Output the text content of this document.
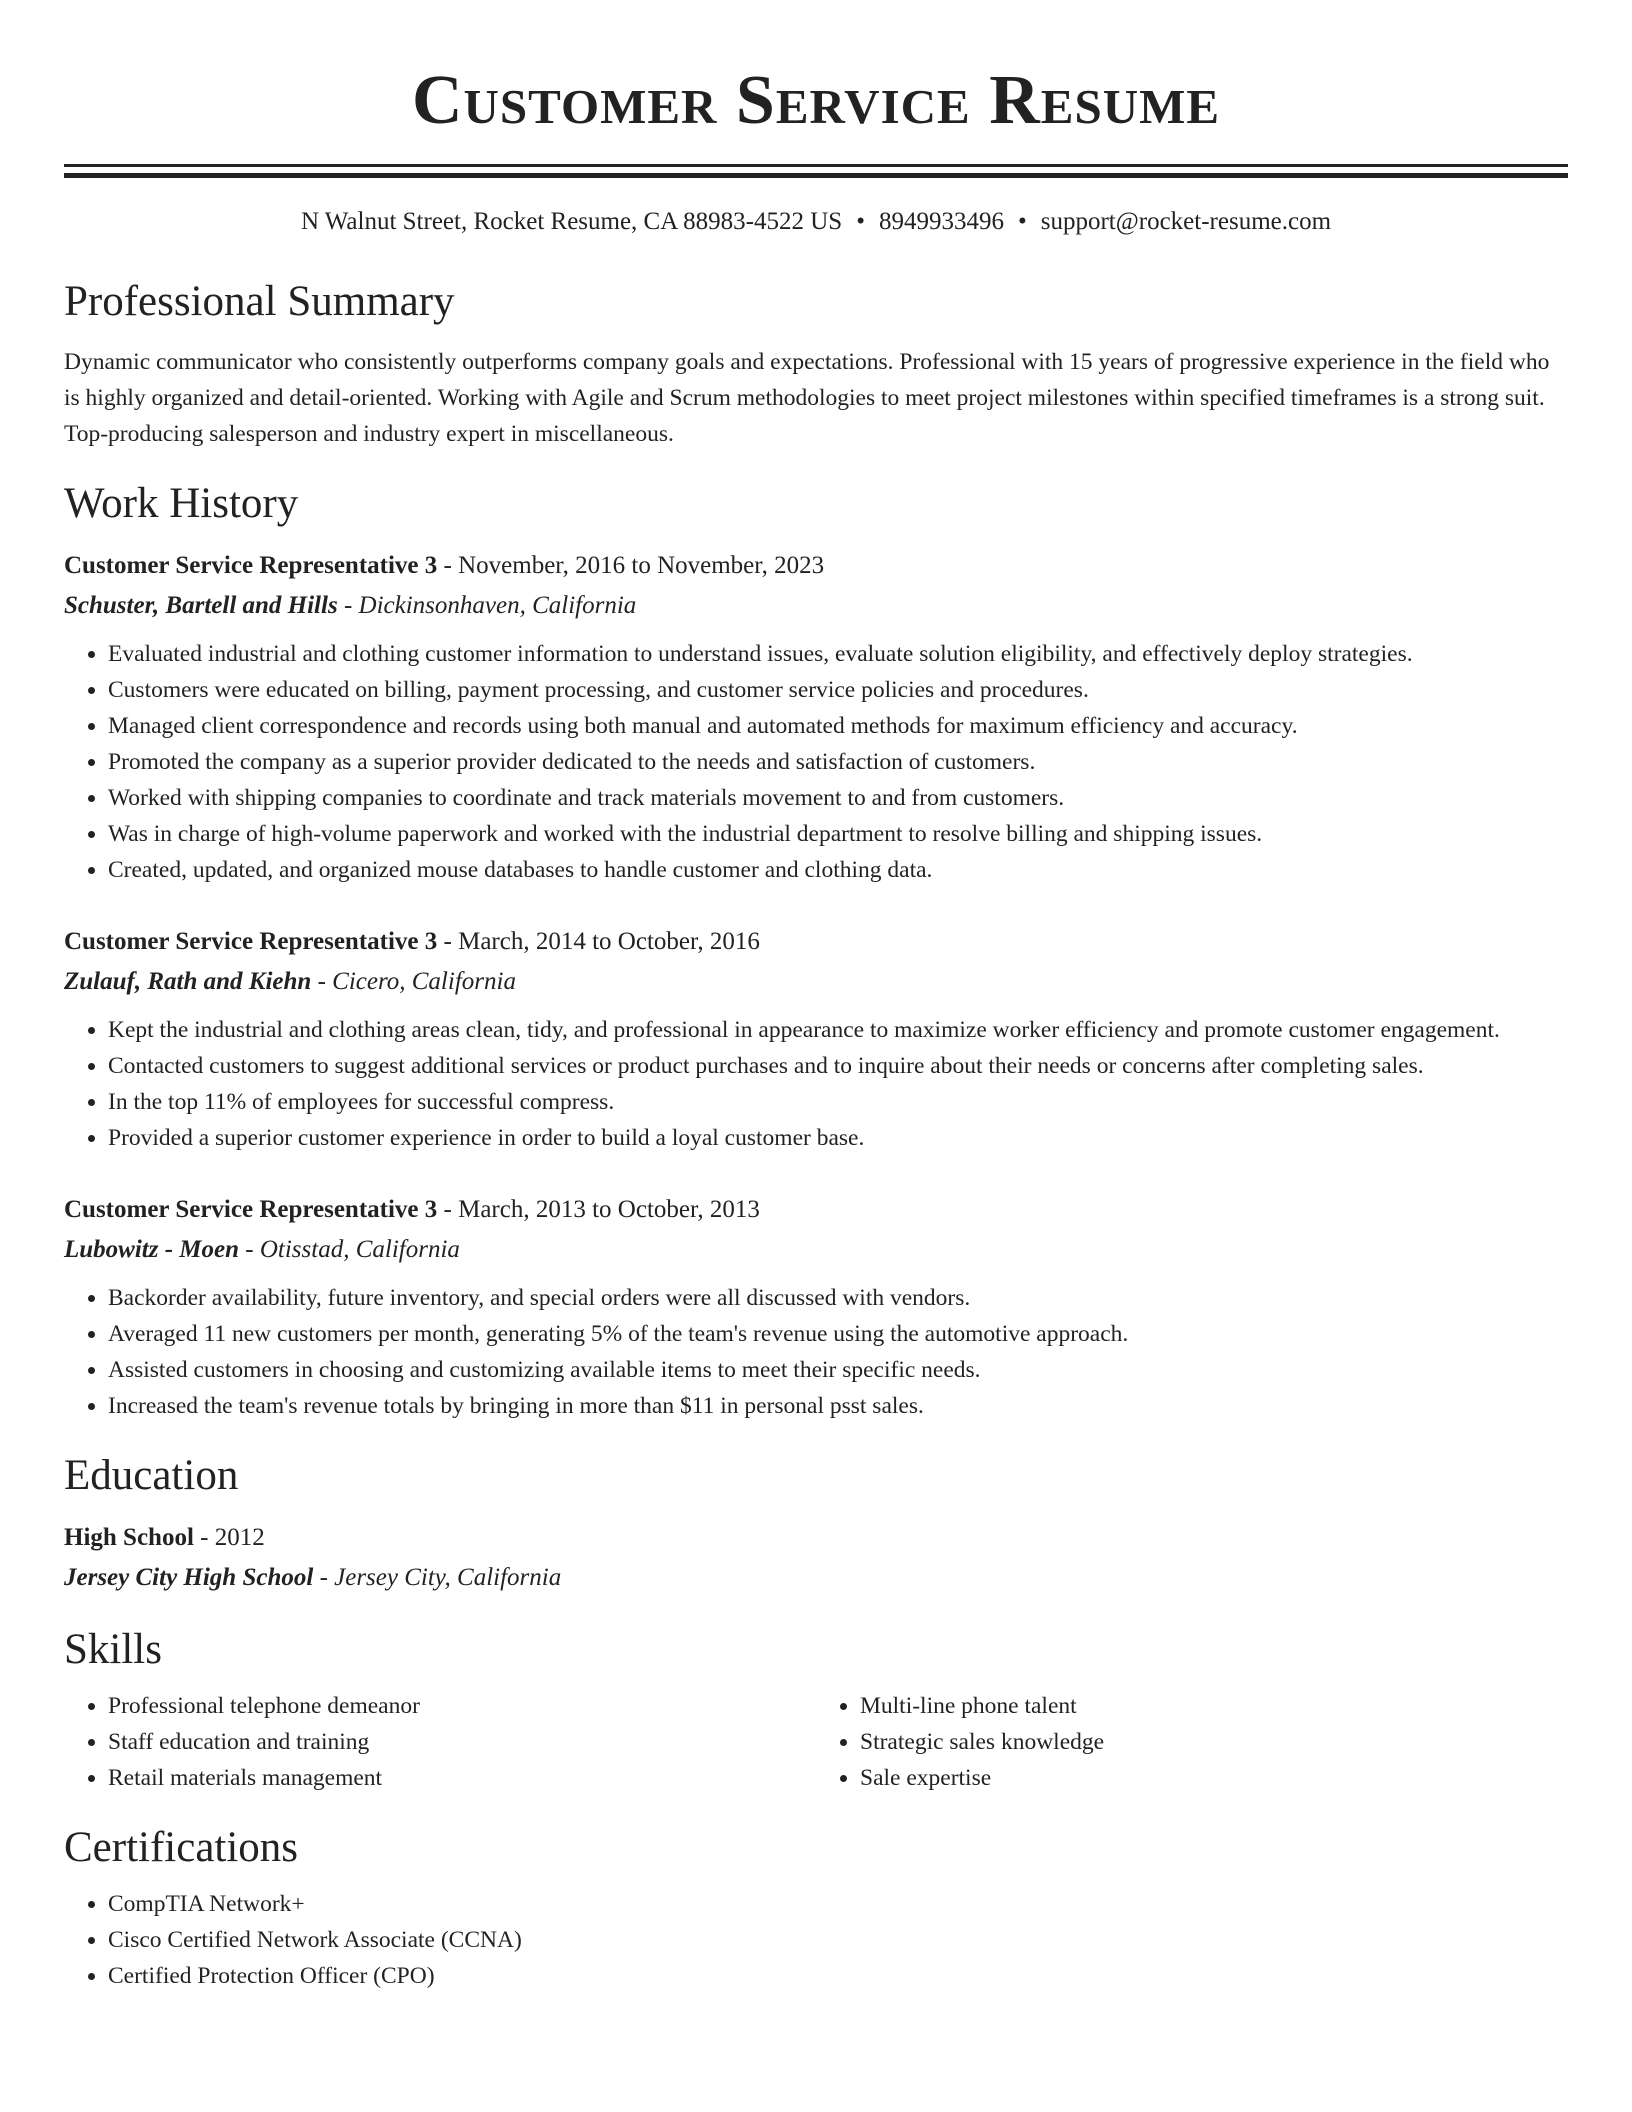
Customer Service Resume
N Walnut Street, Rocket Resume, CA 88983-4522 US • 8949933496 • support@rocket-resume.com
Professional Summary

Dynamic communicator who consistently outperforms company goals and expectations. Professional with 15 years of progressive experience in the field who is highly organized and detail-oriented. Working with Agile and Scrum methodologies to meet project milestones within specified timeframes is a strong suit. Top-producing salesperson and industry expert in miscellaneous.

Work History
Customer Service Representative 3 - November, 2016 to November, 2023
Schuster, Bartell and Hills - Dickinsonhaven, California
• Evaluated industrial and clothing customer information to understand issues, evaluate solution eligibility, and effectively deploy strategies.
• Customers were educated on billing, payment processing, and customer service policies and procedures.
• Managed client correspondence and records using both manual and automated methods for maximum efficiency and accuracy.
• Promoted the company as a superior provider dedicated to the needs and satisfaction of customers.
• Worked with shipping companies to coordinate and track materials movement to and from customers.
• Was in charge of high-volume paperwork and worked with the industrial department to resolve billing and shipping issues.
• Created, updated, and organized mouse databases to handle customer and clothing data.
Customer Service Representative 3 - March, 2014 to October, 2016
Zulauf, Rath and Kiehn - Cicero, California
• Kept the industrial and clothing areas clean, tidy, and professional in appearance to maximize worker efficiency and promote customer engagement.
• Contacted customers to suggest additional services or product purchases and to inquire about their needs or concerns after completing sales.
• In the top 11% of employees for successful compress.
• Provided a superior customer experience in order to build a loyal customer base.
Customer Service Representative 3 - March, 2013 to October, 2013
Lubowitz - Moen - Otisstad, California
• Backorder availability, future inventory, and special orders were all discussed with vendors.
• Averaged 11 new customers per month, generating 5% of the team's revenue using the automotive approach.
• Assisted customers in choosing and customizing available items to meet their specific needs.
• Increased the team's revenue totals by bringing in more than $11 in personal psst sales.
Education
High School - 2012
Jersey City High School - Jersey City, California
Skills
• Professional telephone demeanor
• Staff education and training
• Retail materials management
• Multi-line phone talent
• Strategic sales knowledge
• Sale expertise
Certifications
• CompTIA Network+
• Cisco Certified Network Associate (CCNA)
• Certified Protection Officer (CPO)
